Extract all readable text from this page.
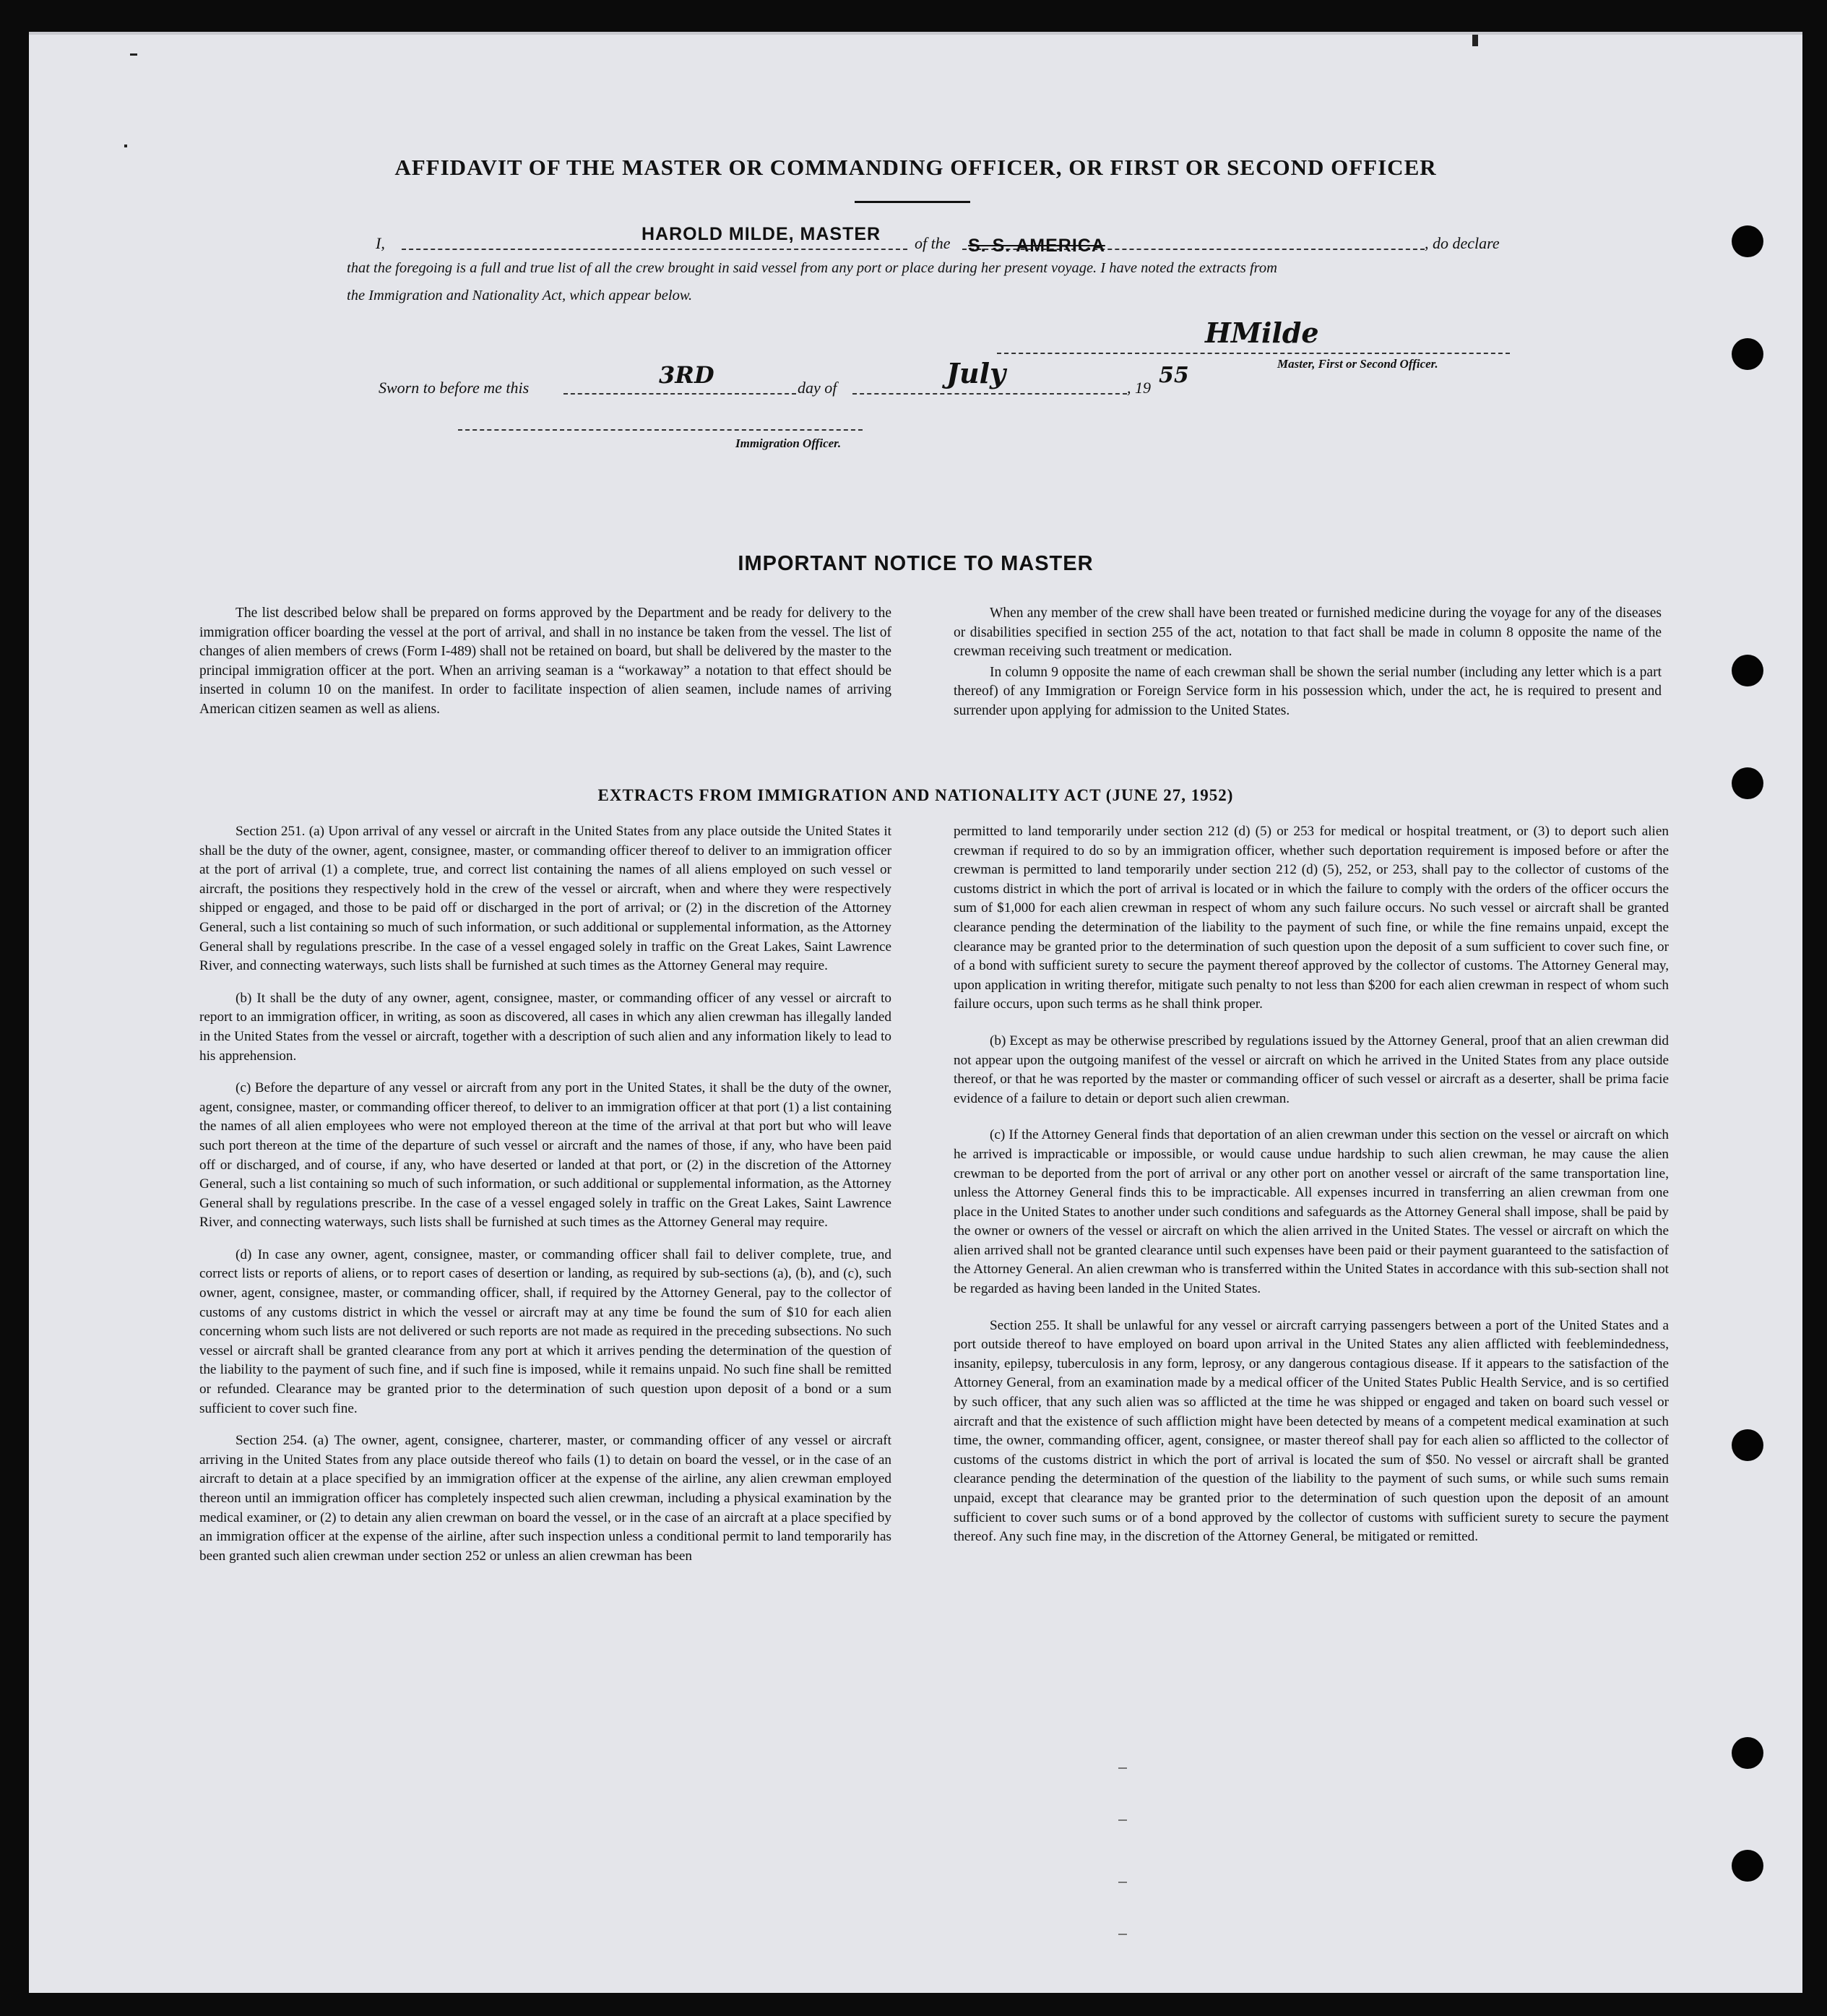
AFFIDAVIT OF THE MASTER OR COMMANDING OFFICER, OR FIRST OR SECOND OFFICER
I,	HAROLD MILDE, MASTER of the S. S. AMERICA	, do declare
that the foregoing is a full and true list of all the crew brought in said vessel from any port or place during her present voyage. I have noted the extracts from
the Immigration and Nationality Act, which appear below.
HMilde
Master, First or Second Officer.
Sworn to before me this	3RD	day of	July	, 19 55
Immigration Officer.
IMPORTANT NOTICE TO MASTER

The list described below shall be prepared on forms approved by the Department and be ready for delivery to the immigration officer boarding the vessel at the port of arrival, and shall in no instance be taken from the vessel. The list of changes of alien members of crews (Form I-489) shall not be retained on board, but shall be delivered by the master to the principal immigration officer at the port. When an arriving seaman is a “workaway” a notation to that effect should be inserted in column 10 on the manifest. In order to facilitate inspection of alien seamen, include names of arriving American citizen seamen as well as aliens.

When any member of the crew shall have been treated or furnished medicine during the voyage for any of the diseases or disabilities specified in section 255 of the act, notation to that fact shall be made in column 8 opposite the name of the crewman receiving such treatment or medication.

In column 9 opposite the name of each crewman shall be shown the serial number (including any letter which is a part thereof) of any Immigration or Foreign Service form in his possession which, under the act, he is required to present and surrender upon applying for admission to the United States.

EXTRACTS FROM IMMIGRATION AND NATIONALITY ACT (JUNE 27, 1952)

Section 251. (a) Upon arrival of any vessel or aircraft in the United States from any place outside the United States it shall be the duty of the owner, agent, consignee, master, or commanding officer thereof to deliver to an immigration officer at the port of arrival (1) a complete, true, and correct list containing the names of all aliens employed on such vessel or aircraft, the positions they respectively hold in the crew of the vessel or aircraft, when and where they were respectively shipped or engaged, and those to be paid off or discharged in the port of arrival; or (2) in the discretion of the Attorney General, such a list containing so much of such information, or such additional or supplemental information, as the Attorney General shall by regulations prescribe. In the case of a vessel engaged solely in traffic on the Great Lakes, Saint Lawrence River, and connecting waterways, such lists shall be furnished at such times as the Attorney General may require.

(b) It shall be the duty of any owner, agent, consignee, master, or commanding officer of any vessel or aircraft to report to an immigration officer, in writing, as soon as discovered, all cases in which any alien crewman has illegally landed in the United States from the vessel or aircraft, together with a description of such alien and any information likely to lead to his apprehension.

(c) Before the departure of any vessel or aircraft from any port in the United States, it shall be the duty of the owner, agent, consignee, master, or commanding officer thereof, to deliver to an immigration officer at that port (1) a list containing the names of all alien employees who were not employed thereon at the time of the arrival at that port but who will leave such port thereon at the time of the departure of such vessel or aircraft and the names of those, if any, who have been paid off or discharged, and of course, if any, who have deserted or landed at that port, or (2) in the discretion of the Attorney General, such a list containing so much of such information, or such additional or supplemental information, as the Attorney General shall by regulations prescribe. In the case of a vessel engaged solely in traffic on the Great Lakes, Saint Lawrence River, and connecting waterways, such lists shall be furnished at such times as the Attorney General may require.

(d) In case any owner, agent, consignee, master, or commanding officer shall fail to deliver complete, true, and correct lists or reports of aliens, or to report cases of desertion or landing, as required by sub-sections (a), (b), and (c), such owner, agent, consignee, master, or commanding officer, shall, if required by the Attorney General, pay to the collector of customs of any customs district in which the vessel or aircraft may at any time be found the sum of $10 for each alien concerning whom such lists are not delivered or such reports are not made as required in the preceding subsections. No such vessel or aircraft shall be granted clearance from any port at which it arrives pending the determination of the question of the liability to the payment of such fine, and if such fine is imposed, while it remains unpaid. No such fine shall be remitted or refunded. Clearance may be granted prior to the determination of such question upon deposit of a bond or a sum sufficient to cover such fine.

Section 254. (a) The owner, agent, consignee, charterer, master, or commanding officer of any vessel or aircraft arriving in the United States from any place outside thereof who fails (1) to detain on board the vessel, or in the case of an aircraft to detain at a place specified by an immigration officer at the expense of the airline, any alien crewman employed thereon until an immigration officer has completely inspected such alien crewman, including a physical examination by the medical examiner, or (2) to detain any alien crewman on board the vessel, or in the case of an aircraft at a place specified by an immigration officer at the expense of the airline, after such inspection unless a conditional permit to land temporarily has been granted such alien crewman under section 252 or unless an alien crewman has been

permitted to land temporarily under section 212 (d) (5) or 253 for medical or hospital treatment, or (3) to deport such alien crewman if required to do so by an immigration officer, whether such deportation requirement is imposed before or after the crewman is permitted to land temporarily under section 212 (d) (5), 252, or 253, shall pay to the collector of customs of the customs district in which the port of arrival is located or in which the failure to comply with the orders of the officer occurs the sum of $1,000 for each alien crewman in respect of whom any such failure occurs. No such vessel or aircraft shall be granted clearance pending the determination of the liability to the payment of such fine, or while the fine remains unpaid, except the clearance may be granted prior to the determination of such question upon the deposit of a sum sufficient to cover such fine, or of a bond with sufficient surety to secure the payment thereof approved by the collector of customs. The Attorney General may, upon application in writing therefor, mitigate such penalty to not less than $200 for each alien crewman in respect of whom such failure occurs, upon such terms as he shall think proper.

(b) Except as may be otherwise prescribed by regulations issued by the Attorney General, proof that an alien crewman did not appear upon the outgoing manifest of the vessel or aircraft on which he arrived in the United States from any place outside thereof, or that he was reported by the master or commanding officer of such vessel or aircraft as a deserter, shall be prima facie evidence of a failure to detain or deport such alien crewman.

(c) If the Attorney General finds that deportation of an alien crewman under this section on the vessel or aircraft on which he arrived is impracticable or impossible, or would cause undue hardship to such alien crewman, he may cause the alien crewman to be deported from the port of arrival or any other port on another vessel or aircraft of the same transportation line, unless the Attorney General finds this to be impracticable. All expenses incurred in transferring an alien crewman from one place in the United States to another under such conditions and safeguards as the Attorney General shall impose, shall be paid by the owner or owners of the vessel or aircraft on which the alien arrived in the United States. The vessel or aircraft on which the alien arrived shall not be granted clearance until such expenses have been paid or their payment guaranteed to the satisfaction of the Attorney General. An alien crewman who is transferred within the United States in accordance with this sub-section shall not be regarded as having been landed in the United States.

Section 255. It shall be unlawful for any vessel or aircraft carrying passengers between a port of the United States and a port outside thereof to have employed on board upon arrival in the United States any alien afflicted with feeblemindedness, insanity, epilepsy, tuberculosis in any form, leprosy, or any dangerous contagious disease. If it appears to the satisfaction of the Attorney General, from an examination made by a medical officer of the United States Public Health Service, and is so certified by such officer, that any such alien was so afflicted at the time he was shipped or engaged and taken on board such vessel or aircraft and that the existence of such affliction might have been detected by means of a competent medical examination at such time, the owner, commanding officer, agent, consignee, or master thereof shall pay for each alien so afflicted to the collector of customs of the customs district in which the port of arrival is located the sum of $50. No vessel or aircraft shall be granted clearance pending the determination of the question of the liability to the payment of such sums, or while such sums remain unpaid, except that clearance may be granted prior to the determination of such question upon the deposit of an amount sufficient to cover such sums or of a bond approved by the collector of customs with sufficient surety to secure the payment thereof. Any such fine may, in the discretion of the Attorney General, be mitigated or remitted.
